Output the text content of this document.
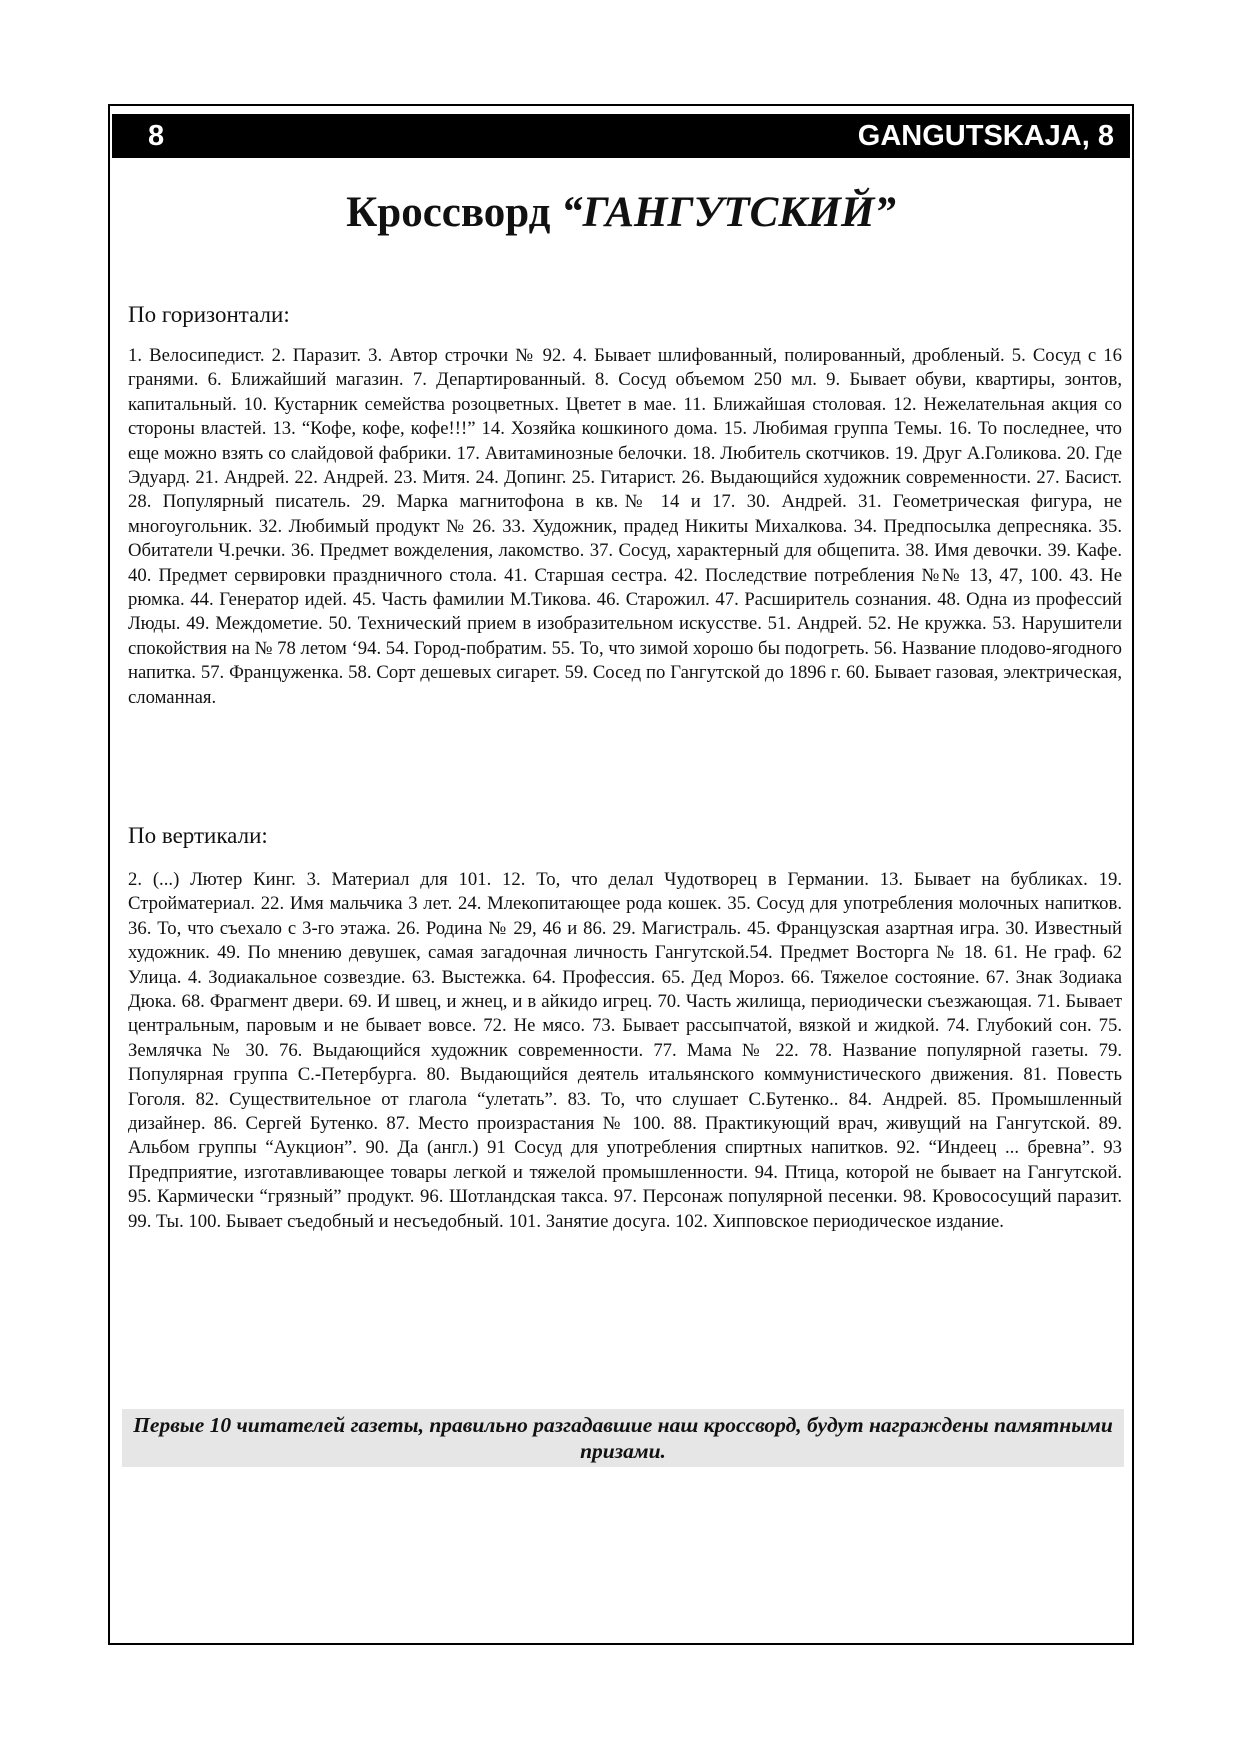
8	GANGUTSKAJA, 8
Кроссворд “ГАНГУТСКИЙ”
По горизонтали:

1. Велосипедист. 2. Паразит. 3. Автор строчки № 92. 4. Бывает шлифованный, полированный, дробленый. 5. Сосуд с 16 гранями. 6. Ближайший магазин. 7. Департированный. 8. Сосуд объемом 250 мл. 9. Бывает обуви, квартиры, зонтов, капитальный. 10. Кустарник семейства розоцветных. Цветет в мае. 11. Ближайшая столовая. 12. Нежелательная акция со стороны властей. 13. “Кофе, кофе, кофе!!!” 14. Хозяйка кошкиного дома. 15. Любимая группа Темы. 16. То последнее, что еще можно взять со слайдовой фабрики. 17. Авитаминозные белочки. 18. Любитель скотчиков. 19. Друг А.Голикова. 20. Где Эдуард. 21. Андрей. 22. Андрей. 23. Митя. 24. Допинг. 25. Гитарист. 26. Выдающийся художник современности. 27. Басист. 28. Популярный писатель. 29. Марка магнитофона в кв.№ 14 и 17. 30. Андрей. 31. Геометрическая фигура, не многоугольник. 32. Любимый продукт № 26. 33. Художник, прадед Никиты Михалкова. 34. Предпосылка депресняка. 35. Обитатели Ч.речки. 36. Предмет вожделения, лакомство. 37. Сосуд, характерный для общепита. 38. Имя девочки. 39. Кафе. 40. Предмет сервировки праздничного стола. 41. Старшая сестра. 42. Последствие потребления №№ 13, 47, 100. 43. Не рюмка. 44. Генератор идей. 45. Часть фамилии М.Тикова. 46. Старожил. 47. Расширитель сознания. 48. Одна из профессий Люды. 49. Междометие. 50. Технический прием в изобразительном искусстве. 51. Андрей. 52. Не кружка. 53. Нарушители спокойствия на № 78 летом ‘94. 54. Город-побратим. 55. То, что зимой хорошо бы подогреть. 56. Название плодово-ягодного напитка. 57. Француженка. 58. Сорт дешевых сигарет. 59. Сосед по Гангутской до 1896 г. 60. Бывает газовая, электрическая, сломанная.

По вертикали:

2. (...) Лютер Кинг. 3. Материал для 101. 12. То, что делал Чудотворец в Германии. 13. Бывает на бубликах. 19. Стройматериал. 22. Имя мальчика 3 лет. 24. Млекопитающее рода кошек. 35. Сосуд для употребления молочных напитков. 36. То, что съехало с 3-го этажа. 26. Родина № 29, 46 и 86. 29. Магистраль. 45. Французская азартная игра. 30. Известный художник. 49. По мнению девушек, самая загадочная личность Гангутской.54. Предмет Восторга № 18. 61. Не граф. 62 Улица. 4. Зодиакальное созвездие. 63. Выстежка. 64. Профессия. 65. Дед Мороз. 66. Тяжелое состояние. 67. Знак Зодиака Дюка. 68. Фрагмент двери. 69. И швец, и жнец, и в айкидо игрец. 70. Часть жилища, периодически съезжающая. 71. Бывает центральным, паровым и не бывает вовсе. 72. Не мясо. 73. Бывает рассыпчатой, вязкой и жидкой. 74. Глубокий сон. 75. Землячка № 30. 76. Выдающийся художник современности. 77. Мама № 22. 78. Название популярной газеты. 79. Популярная группа С.-Петербурга. 80. Выдающийся деятель итальянского коммунистического движения. 81. Повесть Гоголя. 82. Существительное от глагола “улетать”. 83. То, что слушает С.Бутенко.. 84. Андрей. 85. Промышленный дизайнер. 86. Сергей Бутенко. 87. Место произрастания № 100. 88. Практикующий врач, живущий на Гангутской. 89. Альбом группы “Аукцион”. 90. Да (англ.) 91 Сосуд для употребления спиртных напитков. 92. “Индеец ... бревна”. 93 Предприятие, изготавливающее товары легкой и тяжелой промышленности. 94. Птица, которой не бывает на Гангутской. 95. Кармически “грязный” продукт. 96. Шотландская такса. 97. Персонаж популярной песенки. 98. Кровососущий паразит. 99. Ты. 100. Бывает съедобный и несъедобный. 101. Занятие досуга. 102. Хипповское периодическое издание.

Первые 10 читателей газеты, правильно разгадавшие наш кроссворд, будут награждены памятными призами.
